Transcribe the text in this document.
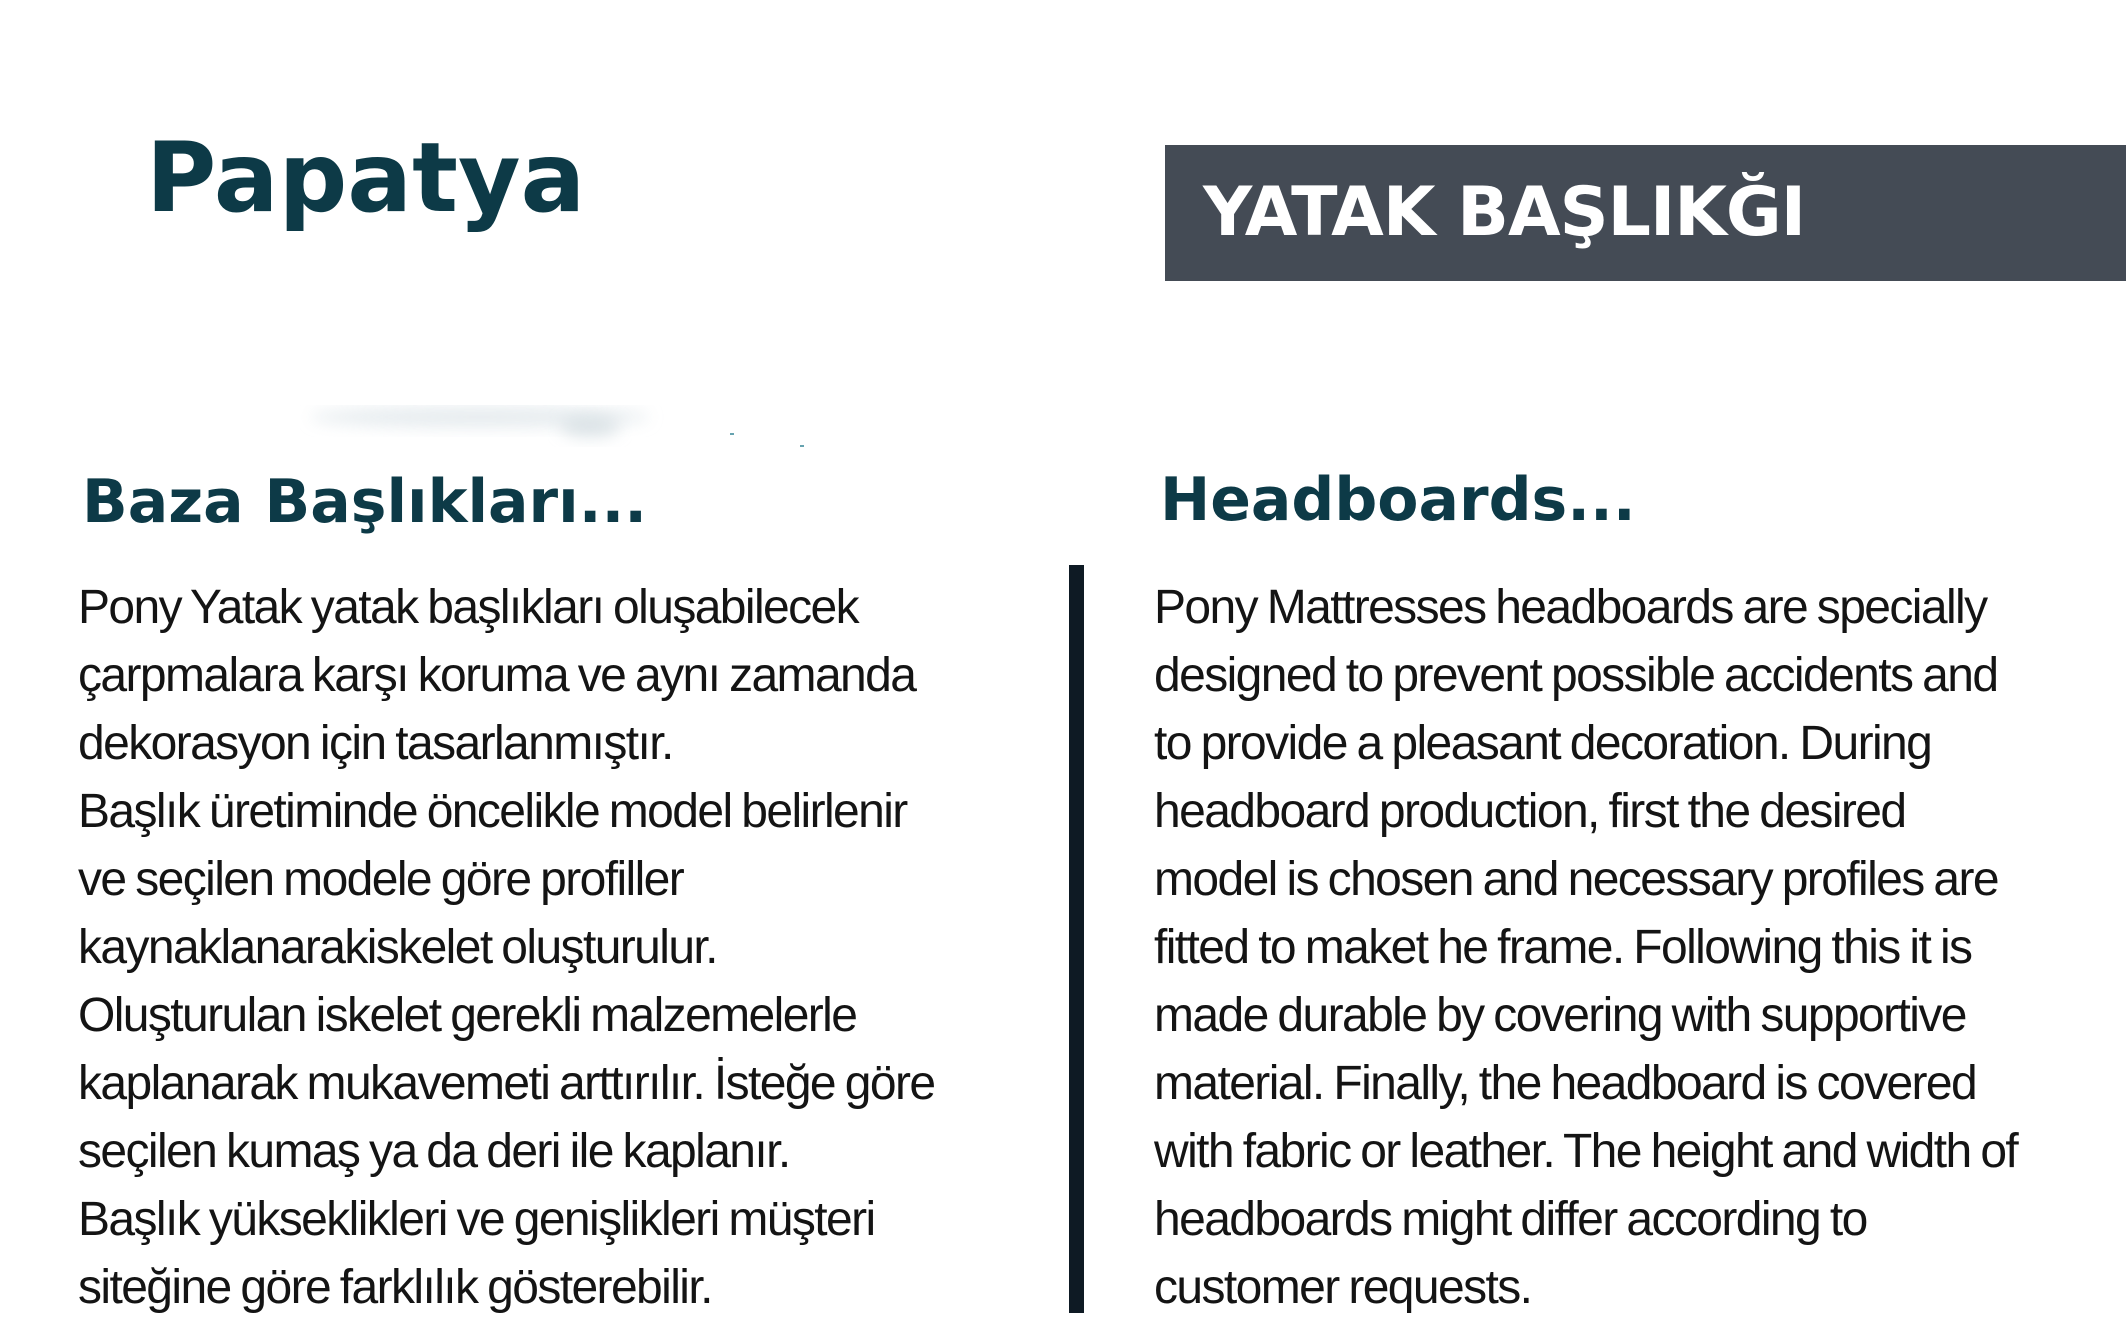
Papatya	YATAK BAŞLIKĞI
Baza Başlıkları...	Headboards...
Pony Yatak yatak başlıkları oluşabilecek
çarpmalara karşı koruma ve aynı zamanda
dekorasyon için tasarlanmıştır.
Başlık üretiminde öncelikle model belirlenir
ve seçilen modele göre profiller
kaynaklanarakiskelet oluşturulur.
Oluşturulan iskelet gerekli malzemelerle
kaplanarak mukavemeti arttırılır. İsteğe göre
seçilen kumaş ya da deri ile kaplanır.
Başlık yükseklikleri ve genişlikleri müşteri
siteğine göre farklılık gösterebilir.
Pony Mattresses headboards are specially
designed to prevent possible accidents and
to provide a pleasant decoration. During
headboard production, first the desired
model is chosen and necessary profiles are
fitted to maket he frame. Following this it is
made durable by covering with supportive
material. Finally, the headboard is covered
with fabric or leather. The height and width of
headboards might differ according to
customer requests.
